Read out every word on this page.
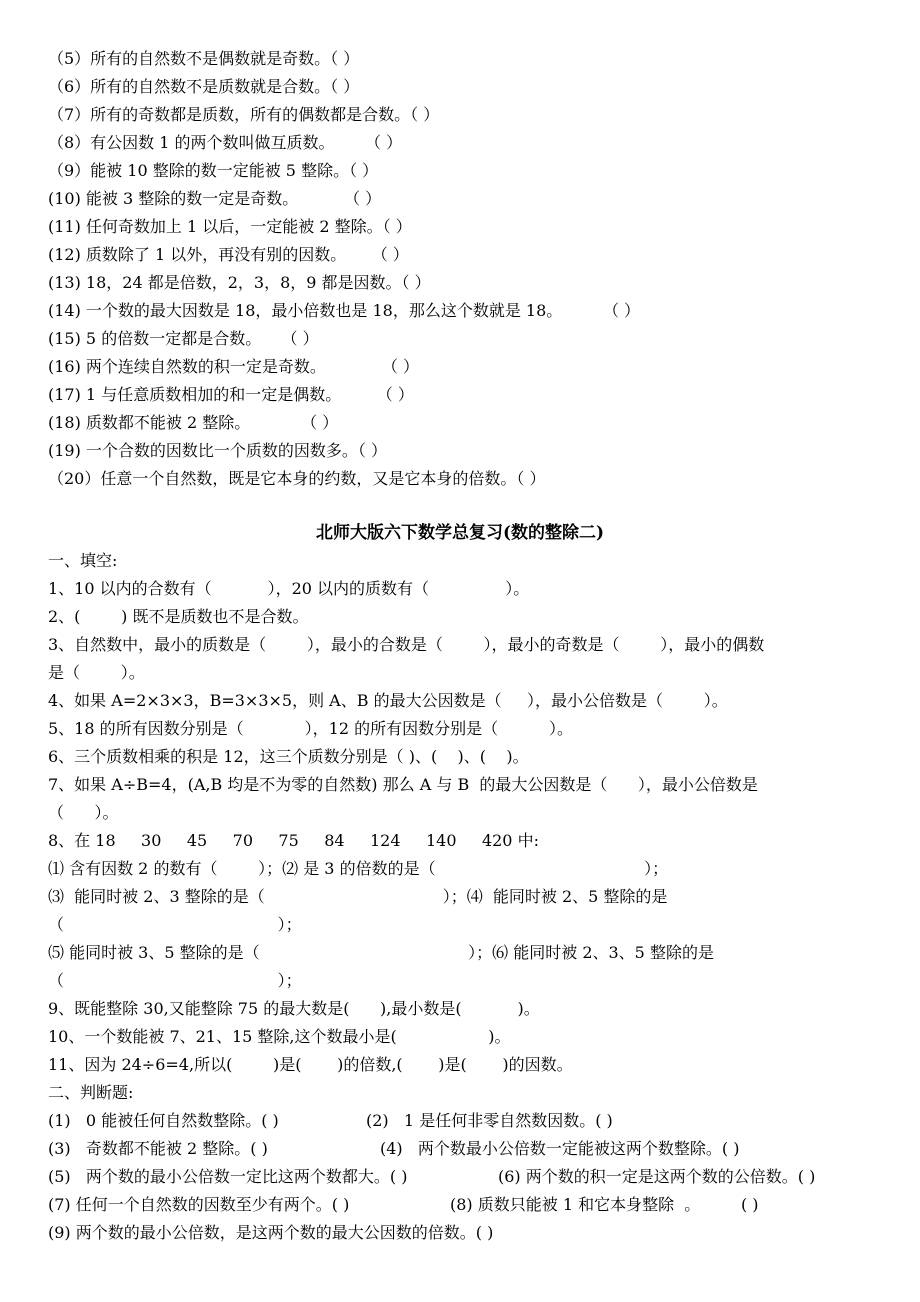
（5）所有的自然数不是偶数就是奇数。（ ）
（6）所有的自然数不是质数就是合数。（ ）
（7）所有的奇数都是质数，所有的偶数都是合数。（ ）
（8）有公因数 1 的两个数叫做互质数。      （ ）
（9）能被 10 整除的数一定能被 5 整除。（ ）
(10) 能被 3 整除的数一定是奇数。         （ ）
(11) 任何奇数加上 1 以后，一定能被 2 整除。（ ）
(12) 质数除了 1 以外，再没有别的因数。     （ ）
(13) 18，24 都是倍数，2，3，8，9 都是因数。（ ）
(14) 一个数的最大因数是 18，最小倍数也是 18，那么这个数就是 18。        （ ）
(15) 5 的倍数一定都是合数。    （ ）
(16) 两个连续自然数的积一定是奇数。           （ ）
(17) 1 与任意质数相加的和一定是偶数。       （ ）
(18) 质数都不能被 2 整除。          （ ）
(19) 一个合数的因数比一个质数的因数多。（ ）
（20）任意一个自然数，既是它本身的约数，又是它本身的倍数。（ ）
北师大版六下数学总复习(数的整除二)
一、填空:
1、10 以内的合数有（           ），20 以内的质数有（               ）。
2、(        ) 既不是质数也不是合数。
3、自然数中，最小的质数是（        ），最小的合数是（        ），最小的奇数是（        ），最小的偶数
是（        ）。
4、如果 A=2×3×3，B=3×3×5，则 A、B 的最大公因数是（     ），最小公倍数是（        ）。
5、18 的所有因数分别是（            ），12 的所有因数分别是（          ）。
6、三个质数相乘的积是 12，这三个质数分别是（ )、(    )、(    )。
7、如果 A÷B=4，(A,B 均是不为零的自然数) 那么 A 与 B  的最大公因数是（      ），最小公倍数是
（      ）。
8、在 18     30     45     70     75     84     124     140     420 中:
⑴ 含有因数 2 的数有（        ）；⑵ 是 3 的倍数的是（                                         ）；
⑶  能同时被 2、3 整除的是（                                   ）；⑷  能同时被 2、5 整除的是
（                                          ）；
⑸ 能同时被 3、5 整除的是（                                         ）；⑹ 能同时被 2、3、5 整除的是
（                                          ）；
9、既能整除 30,又能整除 75 的最大数是(      ),最小数是(           )。
10、一个数能被 7、21、15 整除,这个数最小是(                  )。
11、因为 24÷6=4,所以(        )是(       )的倍数,(       )是(       )的因数。
二、判断题:
(1)   0 能被任何自然数整除。( )	(2)   1 是任何非零自然数因数。( )
(3)   奇数都不能被 2 整除。( )	(4)   两个数最小公倍数一定能被这两个数整除。( )
(5)   两个数的最小公倍数一定比这两个数都大。( )	(6) 两个数的积一定是这两个数的公倍数。( )
(7) 任何一个自然数的因数至少有两个。( )	(8) 质数只能被 1 和它本身整除  。        ( )
(9) 两个数的最小公倍数，是这两个数的最大公因数的倍数。( )
